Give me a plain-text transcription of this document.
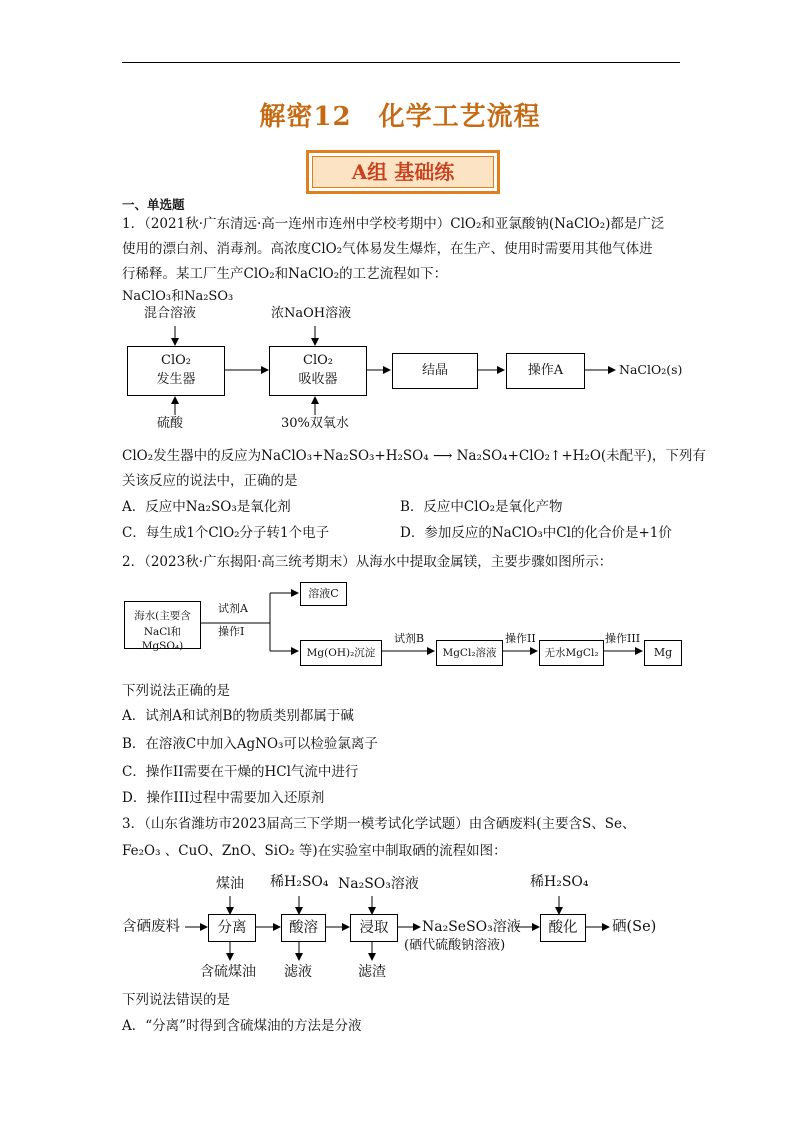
解密12　化学工艺流程
A组 基础练
一、单选题
1．（2021秋·广东清远·高一连州市连州中学校考期中）ClO₂和亚氯酸钠(NaClO₂)都是广泛
使用的漂白剂、消毒剂。高浓度ClO₂气体易发生爆炸，在生产、使用时需要用其他气体进
行稀释。某工厂生产ClO₂和NaClO₂的工艺流程如下：
NaClO₃和Na₂SO₃
混合溶液	浓NaOH溶液
ClO₂
发生器
ClO₂
吸收器
结晶	操作A	NaClO₂(s)
硫酸	30%双氧水
ClO₂发生器中的反应为NaClO₃+Na₂SO₃+H₂SO₄ ⟶ Na₂SO₄+ClO₂↑+H₂O(未配平)，下列有
关该反应的说法中，正确的是
A．反应中Na₂SO₃是氧化剂	B．反应中ClO₂是氧化产物
C．每生成1个ClO₂分子转1个电子	D．参加反应的NaClO₃中Cl的化合价是+1价
2．（2023秋·广东揭阳·高三统考期末）从海水中提取金属镁，主要步骤如图所示：
海水(主要含
NaCl和MgSO₄)
试剂A
操作I
溶液C
Mg(OH)₂沉淀
试剂B
MgCl₂溶液
操作II
无水MgCl₂
操作III
Mg
下列说法正确的是
A．试剂A和试剂B的物质类别都属于碱
B．在溶液C中加入AgNO₃可以检验氯离子
C．操作II需要在干燥的HCl气流中进行
D．操作III过程中需要加入还原剂
3．（山东省潍坊市2023届高三下学期一模考试化学试题）由含硒废料(主要含S、Se、
Fe₂O₃ 、CuO、ZnO、SiO₂ 等)在实验室中制取硒的流程如图：
煤油 稀H₂SO₄ Na₂SO₃溶液	稀H₂SO₄
含硒废料	分离	酸溶	浸取	Na₂SeSO₃溶液
(硒代硫酸钠溶液)
酸化	硒(Se)
含硫煤油 滤液	滤渣
下列说法错误的是
A．“分离”时得到含硫煤油的方法是分液
